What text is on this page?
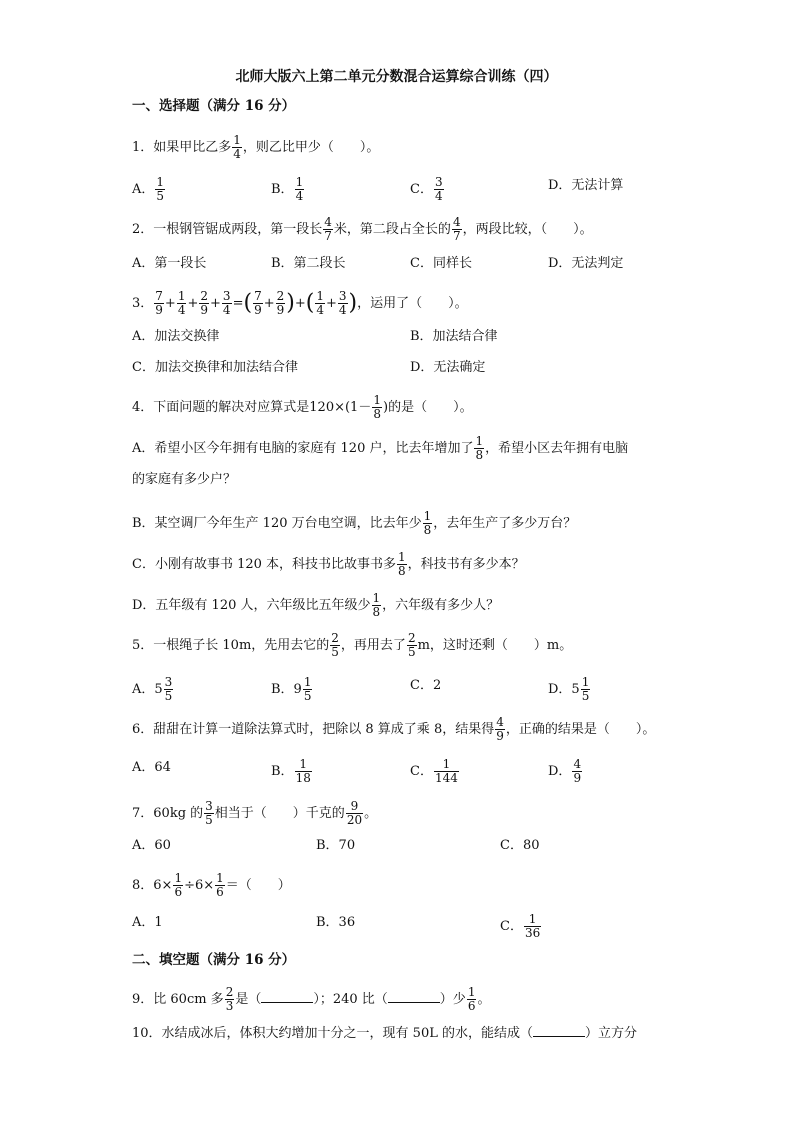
北师大版六上第二单元分数混合运算综合训练（四）
一、选择题（满分 16 分）
1．如果甲比乙多 $\frac{1}{4}$ ，则乙比甲少（　　）。
A． $\frac{1}{5}$	B． $\frac{1}{4}$	C． $\frac{3}{4}$	D．无法计算
2．一根钢管锯成两段，第一段长 $\frac{4}{7}$ 米，第二段占全长的 $\frac{4}{7}$ ，两段比较，（　　）。
A．第一段长	B．第二段长	C．同样长	D．无法判定
3． $\frac{7}{9} + \frac{1}{4} + \frac{2}{9} + \frac{3}{4}$ =( $\frac{7}{9} + \frac{2}{9}$ )+( $\frac{1}{4} + \frac{3}{4}$ )，运用了（　　）。
A．加法交换律	B．加法结合律
C．加法交换律和加法结合律	D．无法确定
4．下面问题的解决对应算式是$120\times(1- \frac{1}{8}$ )的是（　　）。
A．希望小区今年拥有电脑的家庭有 120 户，比去年增加了 $\frac{1}{8}$ ，希望小区去年拥有电脑
的家庭有多少户？
B．某空调厂今年生产 120 万台电空调，比去年少 $\frac{1}{8}$ ，去年生产了多少万台？
C．小刚有故事书 120 本，科技书比故事书多 $\frac{1}{8}$ ，科技书有多少本？
D．五年级有 120 人，六年级比五年级少 $\frac{1}{8}$ ，六年级有多少人？
5．一根绳子长 10m，先用去它的 $\frac{2}{5}$ ，再用去了 $\frac{2}{5}$ m，这时还剩（　　）m。
A．$5 \frac{3}{5}$	B．$9 \frac{1}{5}$	C．2	D．$5 \frac{1}{5}$
6．甜甜在计算一道除法算式时，把除以 8 算成了乘 8，结果得 $\frac{4}{9}$ ，正确的结果是（　　）。
A．64	B． $\frac{1}{18}$	C． $\frac{1}{144}$	D． $\frac{4}{9}$
7．60kg 的 $\frac{3}{5}$ 相当于（　　）千克的 $\frac{9}{20}$ 。
A．60	B．70	C．80
8．$6\times \frac{1}{6} \div 6\times \frac{1}{6}$ ＝（　　）
A．1	B．36	C． $\frac{1}{36}$
二、填空题（满分 16 分）
9．比 60cm 多 $\frac{2}{3}$ 是（	）；240 比（	）少 $\frac{1}{6}$ 。
10．水结成冰后，体积大约增加十分之一，现有 50L 的水，能结成（	）立方分
